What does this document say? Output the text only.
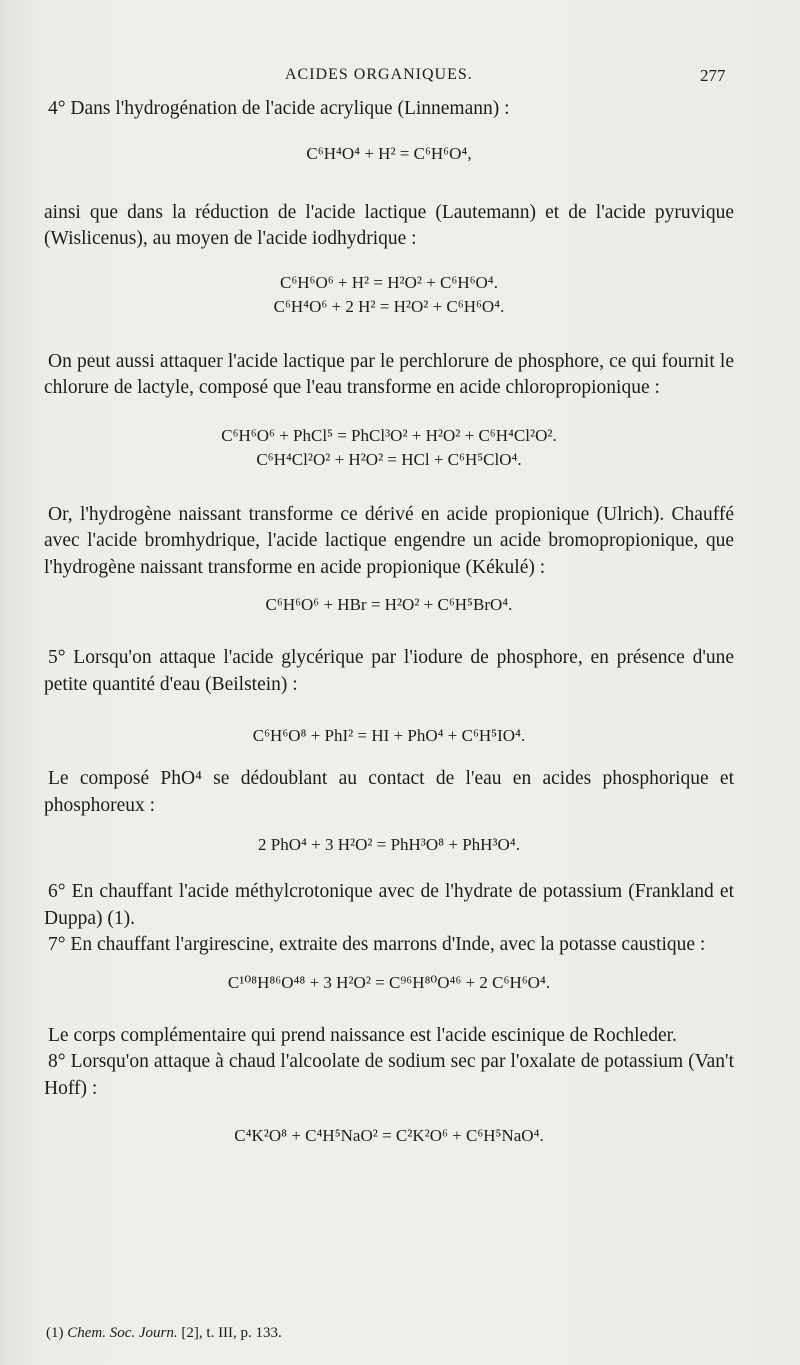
ACIDES ORGANIQUES.	277

4° Dans l'hydrogénation de l'acide acrylique (Linnemann) :

C⁶H⁴O⁴ + H² = C⁶H⁶O⁴,

ainsi que dans la réduction de l'acide lactique (Lautemann) et de l'acide pyruvique (Wislicenus), au moyen de l'acide iodhydrique :

C⁶H⁶O⁶ + H² = H²O² + C⁶H⁶O⁴.

C⁶H⁴O⁶ + 2 H² = H²O² + C⁶H⁶O⁴.

On peut aussi attaquer l'acide lactique par le perchlorure de phosphore, ce qui fournit le chlorure de lactyle, composé que l'eau transforme en acide chloropropionique :

C⁶H⁶O⁶ + PhCl⁵ = PhCl³O² + H²O² + C⁶H⁴Cl²O².

C⁶H⁴Cl²O² + H²O² = HCl + C⁶H⁵ClO⁴.

Or, l'hydrogène naissant transforme ce dérivé en acide propionique (Ulrich). Chauffé avec l'acide bromhydrique, l'acide lactique engendre un acide bromopropionique, que l'hydrogène naissant transforme en acide propionique (Kékulé) :

C⁶H⁶O⁶ + HBr = H²O² + C⁶H⁵BrO⁴.

5° Lorsqu'on attaque l'acide glycérique par l'iodure de phosphore, en présence d'une petite quantité d'eau (Beilstein) :

C⁶H⁶O⁸ + PhI² = HI + PhO⁴ + C⁶H⁵IO⁴.

Le composé PhO⁴ se dédoublant au contact de l'eau en acides phosphorique et phosphoreux :

2 PhO⁴ + 3 H²O² = PhH³O⁸ + PhH³O⁴.

6° En chauffant l'acide méthylcrotonique avec de l'hydrate de potassium (Frankland et Duppa) (1).

7° En chauffant l'argirescine, extraite des marrons d'Inde, avec la potasse caustique :

C¹⁰⁸H⁸⁶O⁴⁸ + 3 H²O² = C⁹⁶H⁸⁰O⁴⁶ + 2 C⁶H⁶O⁴.

Le corps complémentaire qui prend naissance est l'acide escinique de Rochleder.

8° Lorsqu'on attaque à chaud l'alcoolate de sodium sec par l'oxalate de potassium (Van't Hoff) :

C⁴K²O⁸ + C⁴H⁵NaO² = C²K²O⁶ + C⁶H⁵NaO⁴.

(1) Chem. Soc. Journ. [2], t. III, p. 133.
